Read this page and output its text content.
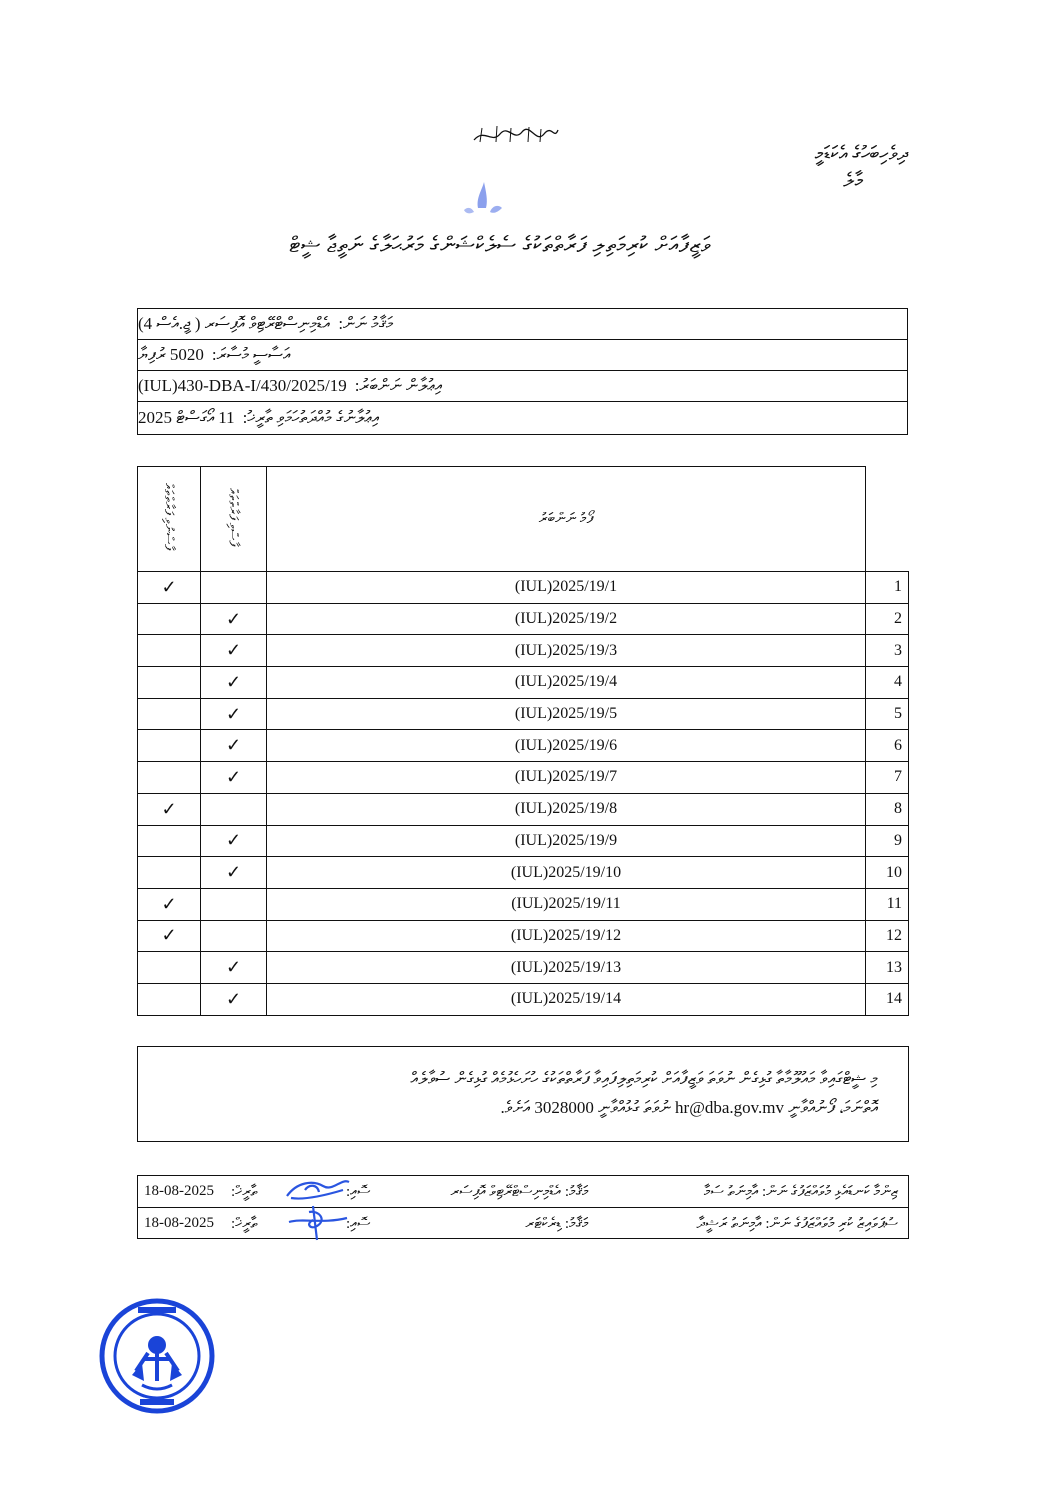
ދިވެހިބަހުގެ އެކަޑަމީ
މާލެ
ވަޒީފާއަށް ކުރިމަތިލި ފަރާތްތަކުގެ ސެލެކްޝަންގެ މަރުޙަލާގެ ނަތީޖާ ޝީޓް
މަޤާމު ނަން:
އެޑްމިނިސްޓްރޭޓިވް އޮފިސަރ ( ޖީ.އެސް 4)
އަސާސީ މުސާރަ:
5020 ރުފިޔާ
އިޢުލާން ނަންބަރު:
(IUL)430-DBA-I/430/2025/19
އިޢުލާނުގެ މުއްދަތުހަމަވި ތާރީޚު:
11 އޯގަސްޓް 2025
ފާސްނުވި ފަރާތްތައް	ފާސްވި ފަރާތްތައް	ފޯމު ނަންބަރު	
✓		(IUL)2025/19/1	1
	✓	(IUL)2025/19/2	2
	✓	(IUL)2025/19/3	3
	✓	(IUL)2025/19/4	4
	✓	(IUL)2025/19/5	5
	✓	(IUL)2025/19/6	6
	✓	(IUL)2025/19/7	7
✓		(IUL)2025/19/8	8
	✓	(IUL)2025/19/9	9
	✓	(IUL)2025/19/10	10
✓		(IUL)2025/19/11	11
✓		(IUL)2025/19/12	12
	✓	(IUL)2025/19/13	13
	✓	(IUL)2025/19/14	14
މި ޝީޓްގައިވާ މައުލޫމާތާ ގުޅިގެން ނުވަތަ ވަޒީފާއަށް ކުރިމަތިލިފައިވާ ފަރާތްތަކުގެ ހުށަހެޅުމެއް ގުޅިގެން ސުވާލެއް
އޮތްނަމަ، ފޯނުއްވާނީ hr@dba.gov.mv ނުވަތަ ގުޅުއްވާނީ 3028000 އަށެވެ.
ޒިންމާ ކަނޑައެޅި މުވައްޒަފުގެ ނަން: އާމިނަތު ސަމާ
މަޤާމު: އެޑްމިނިސްޓްރޭޓިވް އޮފިސަރ
ސޮއި:
ތާރީޚް:
18-08-2025
ސުޕަވައިޒު ކުރި މުވައްޒަފުގެ ނަން: އާމިނަތު ރަޝީދާ
މަޤާމު: ޑިރެކްޓަރ
ސޮއި:
ތާރީޚް:
18-08-2025
